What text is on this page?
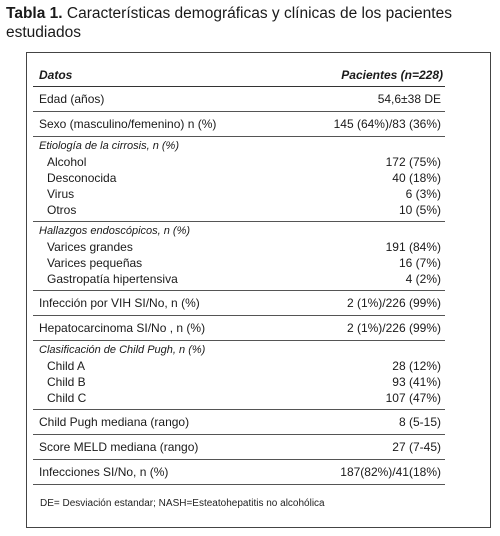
Tabla 1. Características demográficas y clínicas de los pacientes estudiados
Datos	Pacientes (n=228)
Edad (años)	54,6±38 DE
Sexo (masculino/femenino) n (%)	145 (64%)/83 (36%)
Etiología de la cirrosis, n (%)
Alcohol	172 (75%)
Desconocida	40 (18%)
Virus	6 (3%)
Otros	10 (5%)
Hallazgos endoscópicos, n (%)
Varices grandes	191 (84%)
Varices pequeñas	16 (7%)
Gastropatía hipertensiva	4 (2%)
Infección por VIH SI/No, n (%)	2 (1%)/226 (99%)
Hepatocarcinoma SI/No , n (%)	2 (1%)/226 (99%)
Clasificación de Child Pugh, n (%)
Child A	28 (12%)
Child B	93 (41%)
Child C	107 (47%)
Child Pugh mediana (rango)	8 (5-15)
Score MELD mediana (rango)	27 (7-45)
Infecciones SI/No, n (%)	187(82%)/41(18%)
DE= Desviación estandar; NASH=Esteatohepatitis no alcohólica
